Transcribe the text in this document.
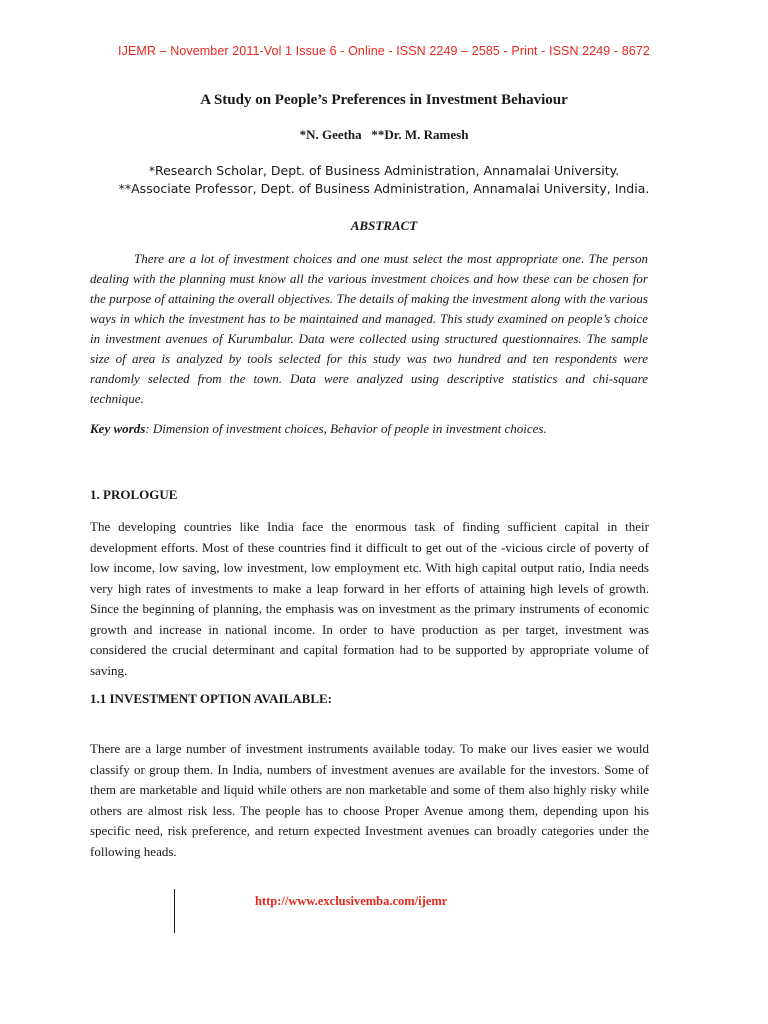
IJEMR – November 2011-Vol 1 Issue 6 - Online - ISSN 2249 – 2585 - Print - ISSN 2249 - 8672
A Study on People’s Preferences in Investment Behaviour
*N. Geetha   **Dr. M. Ramesh
*Research Scholar, Dept. of Business Administration, Annamalai University.
**Associate Professor, Dept. of Business Administration, Annamalai University, India.
ABSTRACT

There are a lot of investment choices and one must select the most appropriate one. The person dealing with the planning must know all the various investment choices and how these can be chosen for the purpose of attaining the overall objectives. The details of making the investment along with the various ways in which the investment has to be maintained and managed. This study examined on people’s choice in investment avenues of Kurumbalur. Data were collected using structured questionnaires. The sample size of area is analyzed by tools selected for this study was two hundred and ten respondents were randomly selected from the town. Data were analyzed using descriptive statistics and chi-square technique.

Key words: Dimension of investment choices, Behavior of people in investment choices.

1. PROLOGUE

The developing countries like India face the enormous task of finding sufficient capital in their development efforts. Most of these countries find it difficult to get out of the -vicious circle of poverty of low income, low saving, low investment, low employment etc. With high capital output ratio, India needs very high rates of investments to make a leap forward in her efforts of attaining high levels of growth. Since the beginning of planning, the emphasis was on investment as the primary instruments of economic growth and increase in national income. In order to have production as per target, investment was considered the crucial determinant and capital formation had to be supported by appropriate volume of saving.

1.1 INVESTMENT OPTION AVAILABLE:

There are a large number of investment instruments available today. To make our lives easier we would classify or group them. In India, numbers of investment avenues are available for the investors. Some of them are marketable and liquid while others are non marketable and some of them also highly risky while others are almost risk less. The people has to choose Proper Avenue among them, depending upon his specific need, risk preference, and return expected Investment avenues can broadly categories under the following heads.

http://www.exclusivemba.com/ijemr
